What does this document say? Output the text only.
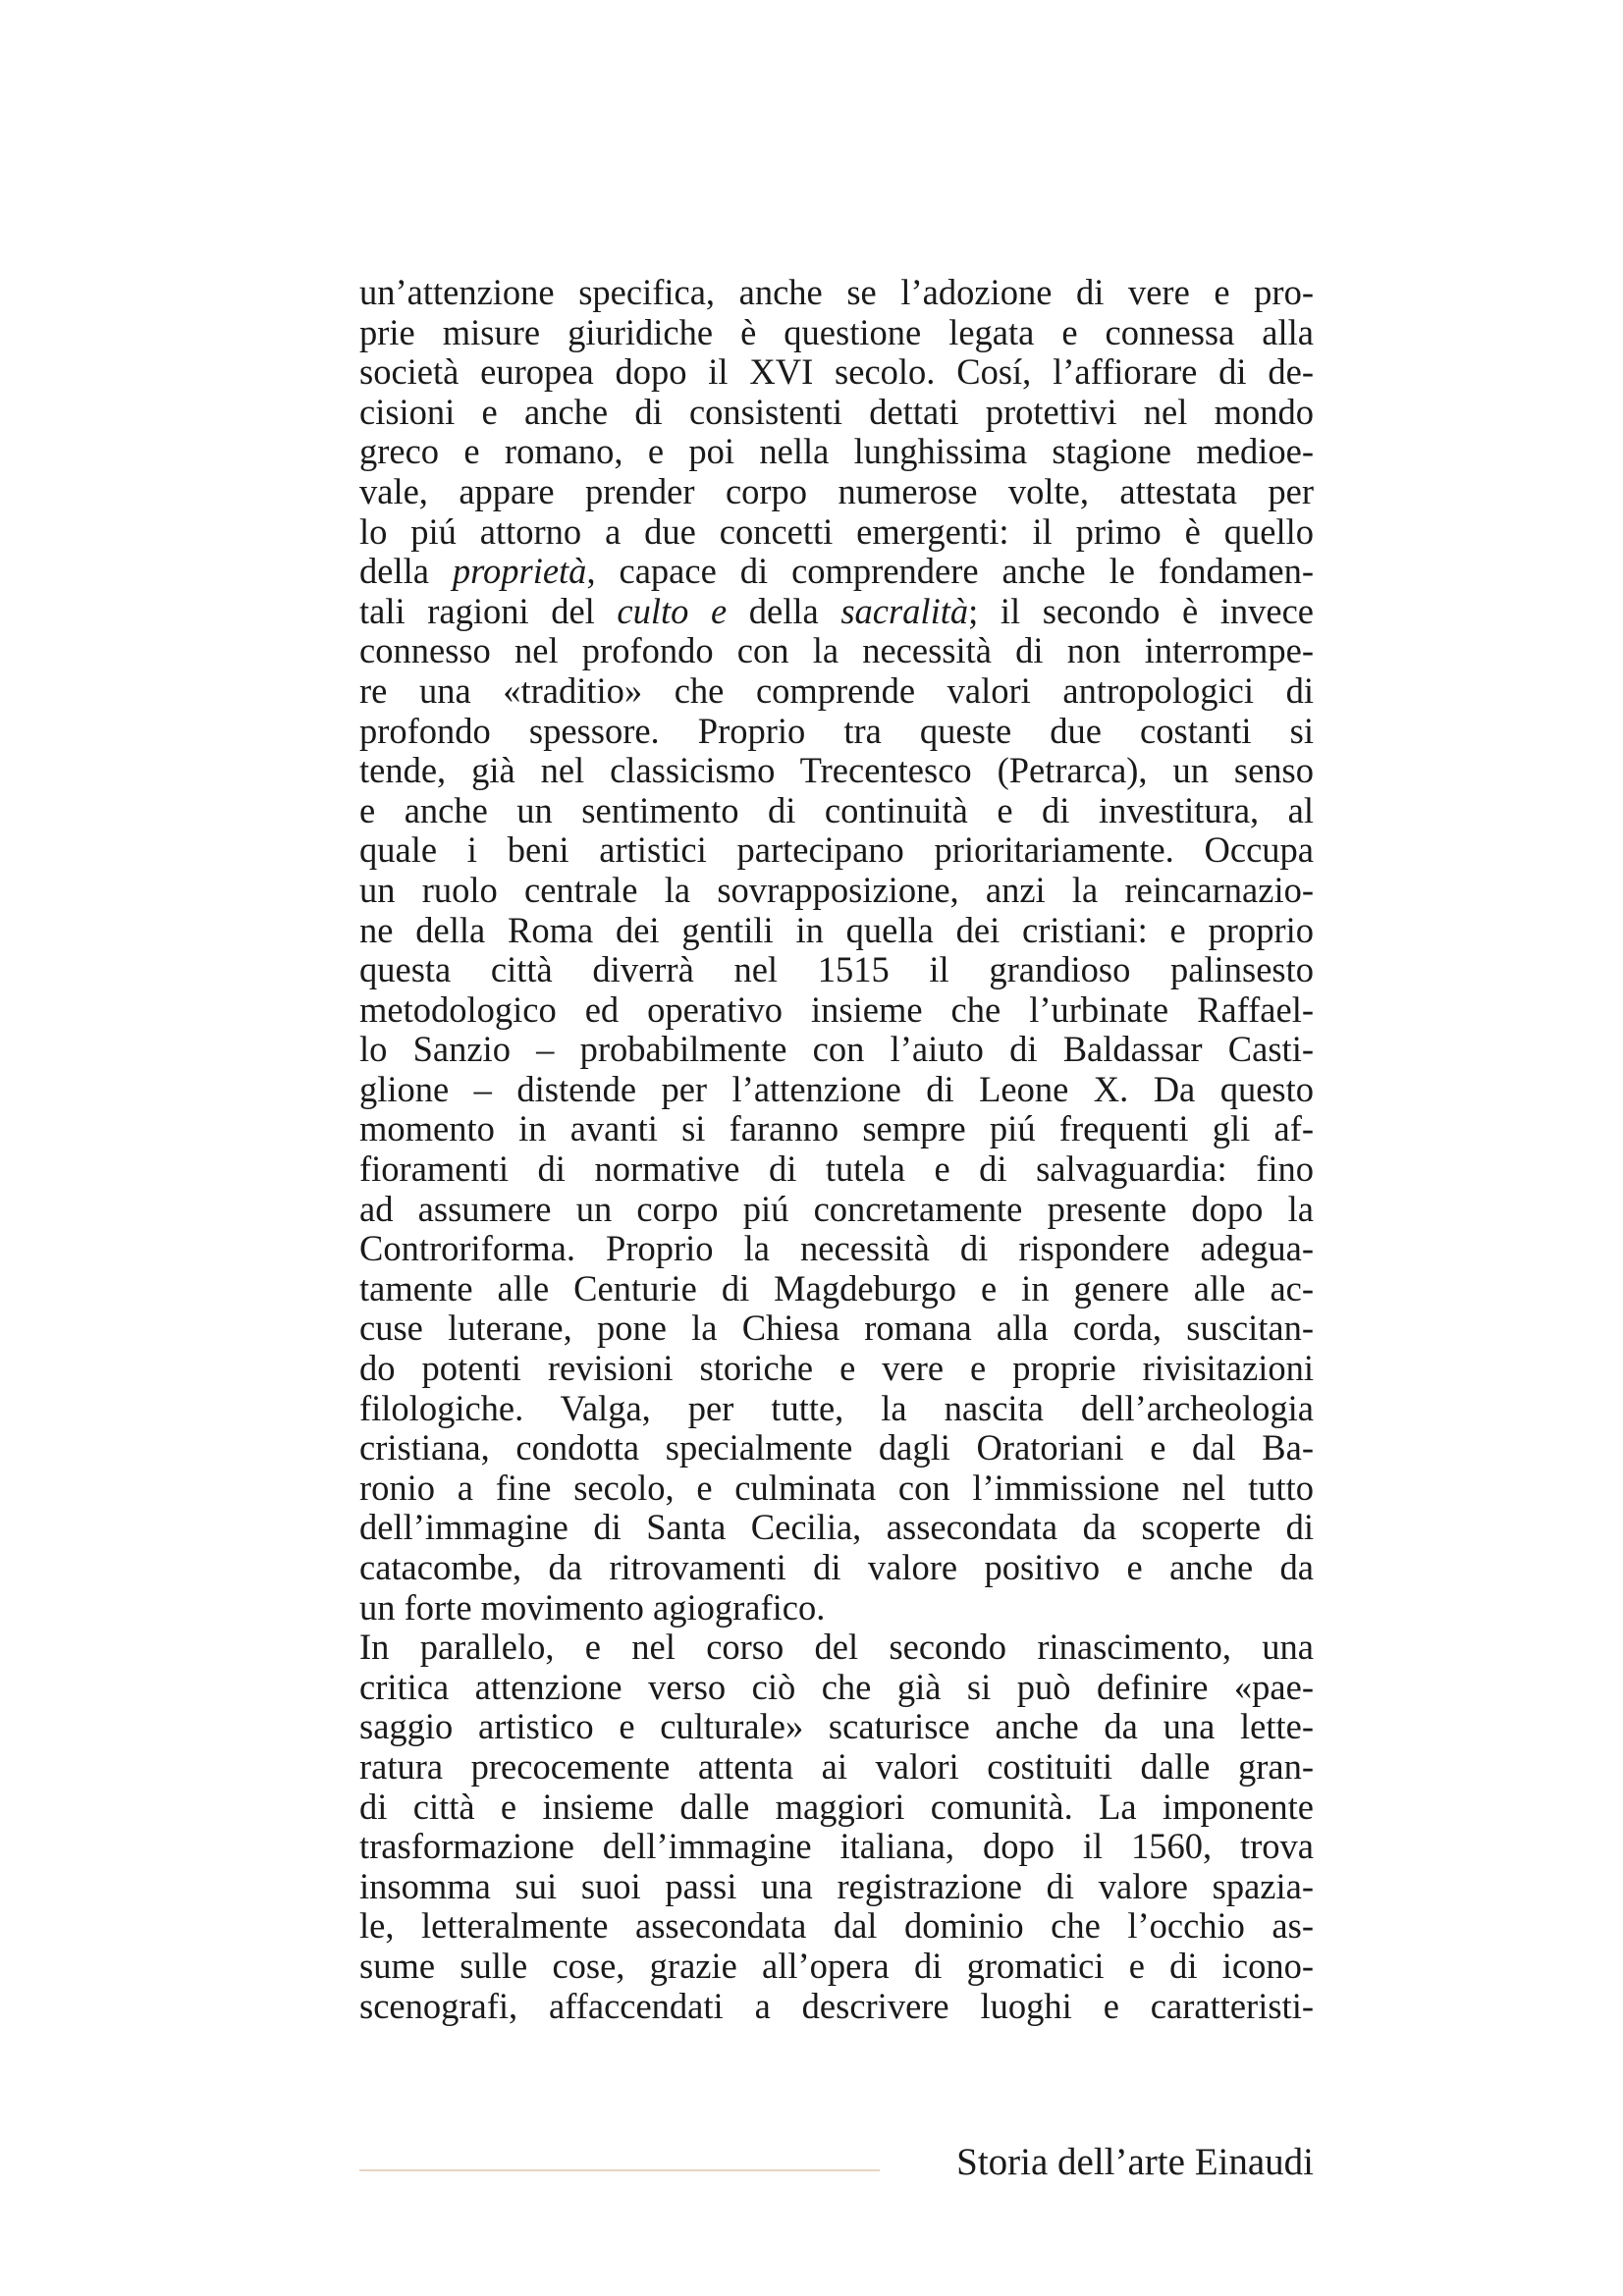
un’attenzione specifica, anche se l’adozione di vere e pro-
prie misure giuridiche è questione legata e connessa alla
società europea dopo il XVI secolo. Cosí, l’affiorare di de-
cisioni e anche di consistenti dettati protettivi nel mondo
greco e romano, e poi nella lunghissima stagione medioe-
vale, appare prender corpo numerose volte, attestata per
lo piú attorno a due concetti emergenti: il primo è quello
della proprietà, capace di comprendere anche le fondamen-
tali ragioni del culto e della sacralità; il secondo è invece
connesso nel profondo con la necessità di non interrompe-
re una «traditio» che comprende valori antropologici di
profondo spessore. Proprio tra queste due costanti si
tende, già nel classicismo Trecentesco (Petrarca), un senso
e anche un sentimento di continuità e di investitura, al
quale i beni artistici partecipano prioritariamente. Occupa
un ruolo centrale la sovrapposizione, anzi la reincarnazio-
ne della Roma dei gentili in quella dei cristiani: e proprio
questa città diverrà nel 1515 il grandioso palinsesto
metodologico ed operativo insieme che l’urbinate Raffael-
lo Sanzio – probabilmente con l’aiuto di Baldassar Casti-
glione – distende per l’attenzione di Leone X. Da questo
momento in avanti si faranno sempre piú frequenti gli af-
fioramenti di normative di tutela e di salvaguardia: fino
ad assumere un corpo piú concretamente presente dopo la
Controriforma. Proprio la necessità di rispondere adegua-
tamente alle Centurie di Magdeburgo e in genere alle ac-
cuse luterane, pone la Chiesa romana alla corda, suscitan-
do potenti revisioni storiche e vere e proprie rivisitazioni
filologiche. Valga, per tutte, la nascita dell’archeologia
cristiana, condotta specialmente dagli Oratoriani e dal Ba-
ronio a fine secolo, e culminata con l’immissione nel tutto
dell’immagine di Santa Cecilia, assecondata da scoperte di
catacombe, da ritrovamenti di valore positivo e anche da
un forte movimento agiografico.
In parallelo, e nel corso del secondo rinascimento, una
critica attenzione verso ciò che già si può definire «pae-
saggio artistico e culturale» scaturisce anche da una lette-
ratura precocemente attenta ai valori costituiti dalle gran-
di città e insieme dalle maggiori comunità. La imponente
trasformazione dell’immagine italiana, dopo il 1560, trova
insomma sui suoi passi una registrazione di valore spazia-
le, letteralmente assecondata dal dominio che l’occhio as-
sume sulle cose, grazie all’opera di gromatici e di icono-
scenografi, affaccendati a descrivere luoghi e caratteristi-
Storia dell’arte Einaudi
